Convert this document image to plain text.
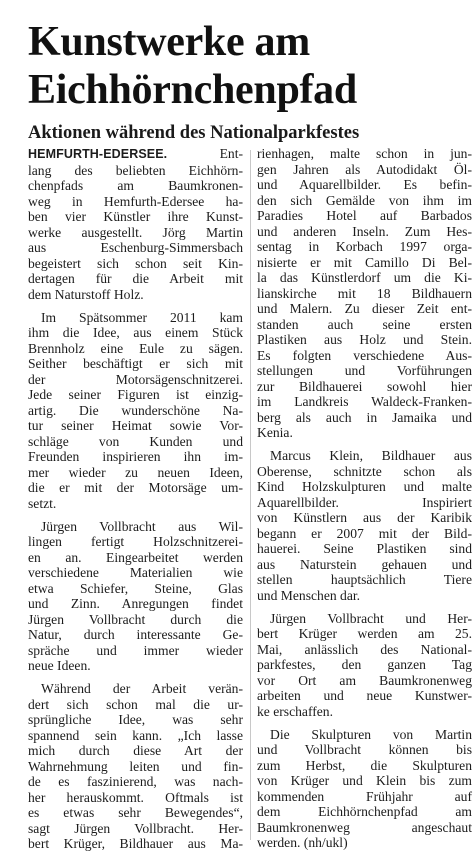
Kunstwerke am
Eichhörnchenpfad
Aktionen während des Nationalparkfestes
HEMFURTH-EDERSEE.	Ent-
lang des beliebten Eichhörn-
chenpfads am Baumkronen-
weg in Hemfurth-Edersee ha-
ben vier Künstler ihre Kunst-
werke ausgestellt. Jörg Martin
aus Eschenburg-Simmersbach
begeistert sich schon seit Kin-
dertagen für die Arbeit mit
dem Naturstoff Holz.
Im Spätsommer 2011 kam
ihm die Idee, aus einem Stück
Brennholz eine Eule zu sägen.
Seither beschäftigt er sich mit
der Motorsägenschnitzerei.
Jede seiner Figuren ist einzig-
artig. Die wunderschöne Na-
tur seiner Heimat sowie Vor-
schläge von Kunden und
Freunden inspirieren ihn im-
mer wieder zu neuen Ideen,
die er mit der Motorsäge um-
setzt.
Jürgen Vollbracht aus Wil-
lingen fertigt Holzschnitzerei-
en an. Eingearbeitet werden
verschiedene Materialien wie
etwa Schiefer, Steine, Glas
und Zinn. Anregungen findet
Jürgen Vollbracht durch die
Natur, durch interessante Ge-
spräche und immer wieder
neue Ideen.
Während der Arbeit verän-
dert sich schon mal die ur-
sprüngliche Idee, was sehr
spannend sein kann. „Ich lasse
mich durch diese Art der
Wahrnehmung leiten und fin-
de es faszinierend, was nach-
her herauskommt. Oftmals ist
es etwas sehr Bewegendes“,
sagt Jürgen Vollbracht. Her-
bert Krüger, Bildhauer aus Ma-
rienhagen, malte schon in jun-
gen Jahren als Autodidakt Öl-
und Aquarellbilder. Es befin-
den sich Gemälde von ihm im
Paradies Hotel auf Barbados
und anderen Inseln. Zum Hes-
sentag in Korbach 1997 orga-
nisierte er mit Camillo Di Bel-
la das Künstlerdorf um die Ki-
lianskirche mit 18 Bildhauern
und Malern. Zu dieser Zeit ent-
standen auch seine ersten
Plastiken aus Holz und Stein.
Es folgten verschiedene Aus-
stellungen und Vorführungen
zur Bildhauerei sowohl hier
im Landkreis Waldeck-Franken-
berg als auch in Jamaika und
Kenia.
Marcus Klein, Bildhauer aus
Oberense, schnitzte schon als
Kind Holzskulpturen und malte
Aquarellbilder. Inspiriert
von Künstlern aus der Karibik
begann er 2007 mit der Bild-
hauerei. Seine Plastiken sind
aus Naturstein gehauen und
stellen hauptsächlich Tiere
und Menschen dar.
Jürgen Vollbracht und Her-
bert Krüger werden am 25.
Mai, anlässlich des National-
parkfestes, den ganzen Tag
vor Ort am Baumkronenweg
arbeiten und neue Kunstwer-
ke erschaffen.
Die Skulpturen von Martin
und Vollbracht können bis
zum Herbst, die Skulpturen
von Krüger und Klein bis zum
kommenden Frühjahr auf
dem Eichhörnchenpfad am
Baumkronenweg angeschaut
werden. (nh/ukl)
